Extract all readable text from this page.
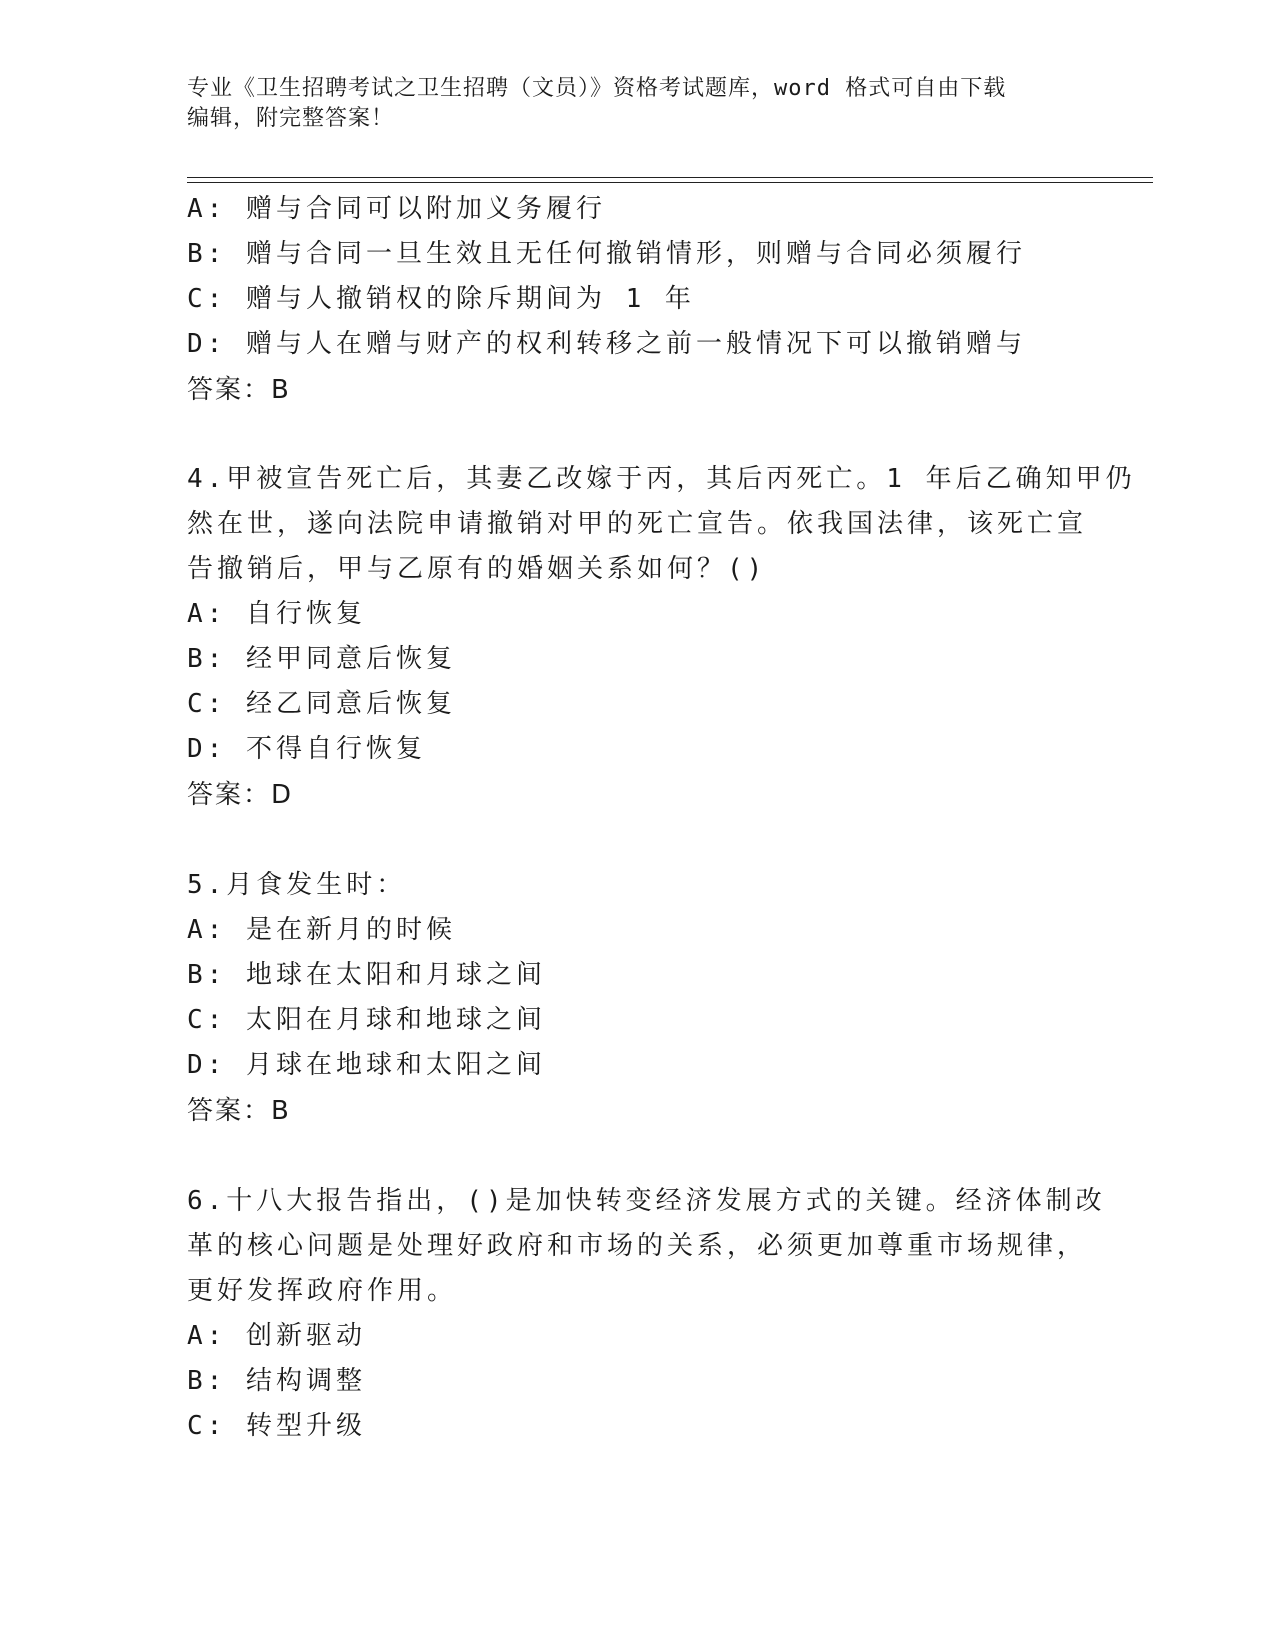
专业《卫生招聘考试之卫生招聘（文员）》资格考试题库，word 格式可自由下载
编辑，附完整答案！
A: 赠与合同可以附加义务履行
B: 赠与合同一旦生效且无任何撤销情形，则赠与合同必须履行
C: 赠与人撤销权的除斥期间为 1 年
D: 赠与人在赠与财产的权利转移之前一般情况下可以撤销赠与
答案：B
4.甲被宣告死亡后，其妻乙改嫁于丙，其后丙死亡。1 年后乙确知甲仍
然在世，遂向法院申请撤销对甲的死亡宣告。依我国法律，该死亡宣
告撤销后，甲与乙原有的婚姻关系如何？()
A: 自行恢复
B: 经甲同意后恢复
C: 经乙同意后恢复
D: 不得自行恢复
答案：D
5.月食发生时：
A: 是在新月的时候
B: 地球在太阳和月球之间
C: 太阳在月球和地球之间
D: 月球在地球和太阳之间
答案：B
6.十八大报告指出，()是加快转变经济发展方式的关键。经济体制改
革的核心问题是处理好政府和市场的关系，必须更加尊重市场规律，
更好发挥政府作用。
A: 创新驱动
B: 结构调整
C: 转型升级
